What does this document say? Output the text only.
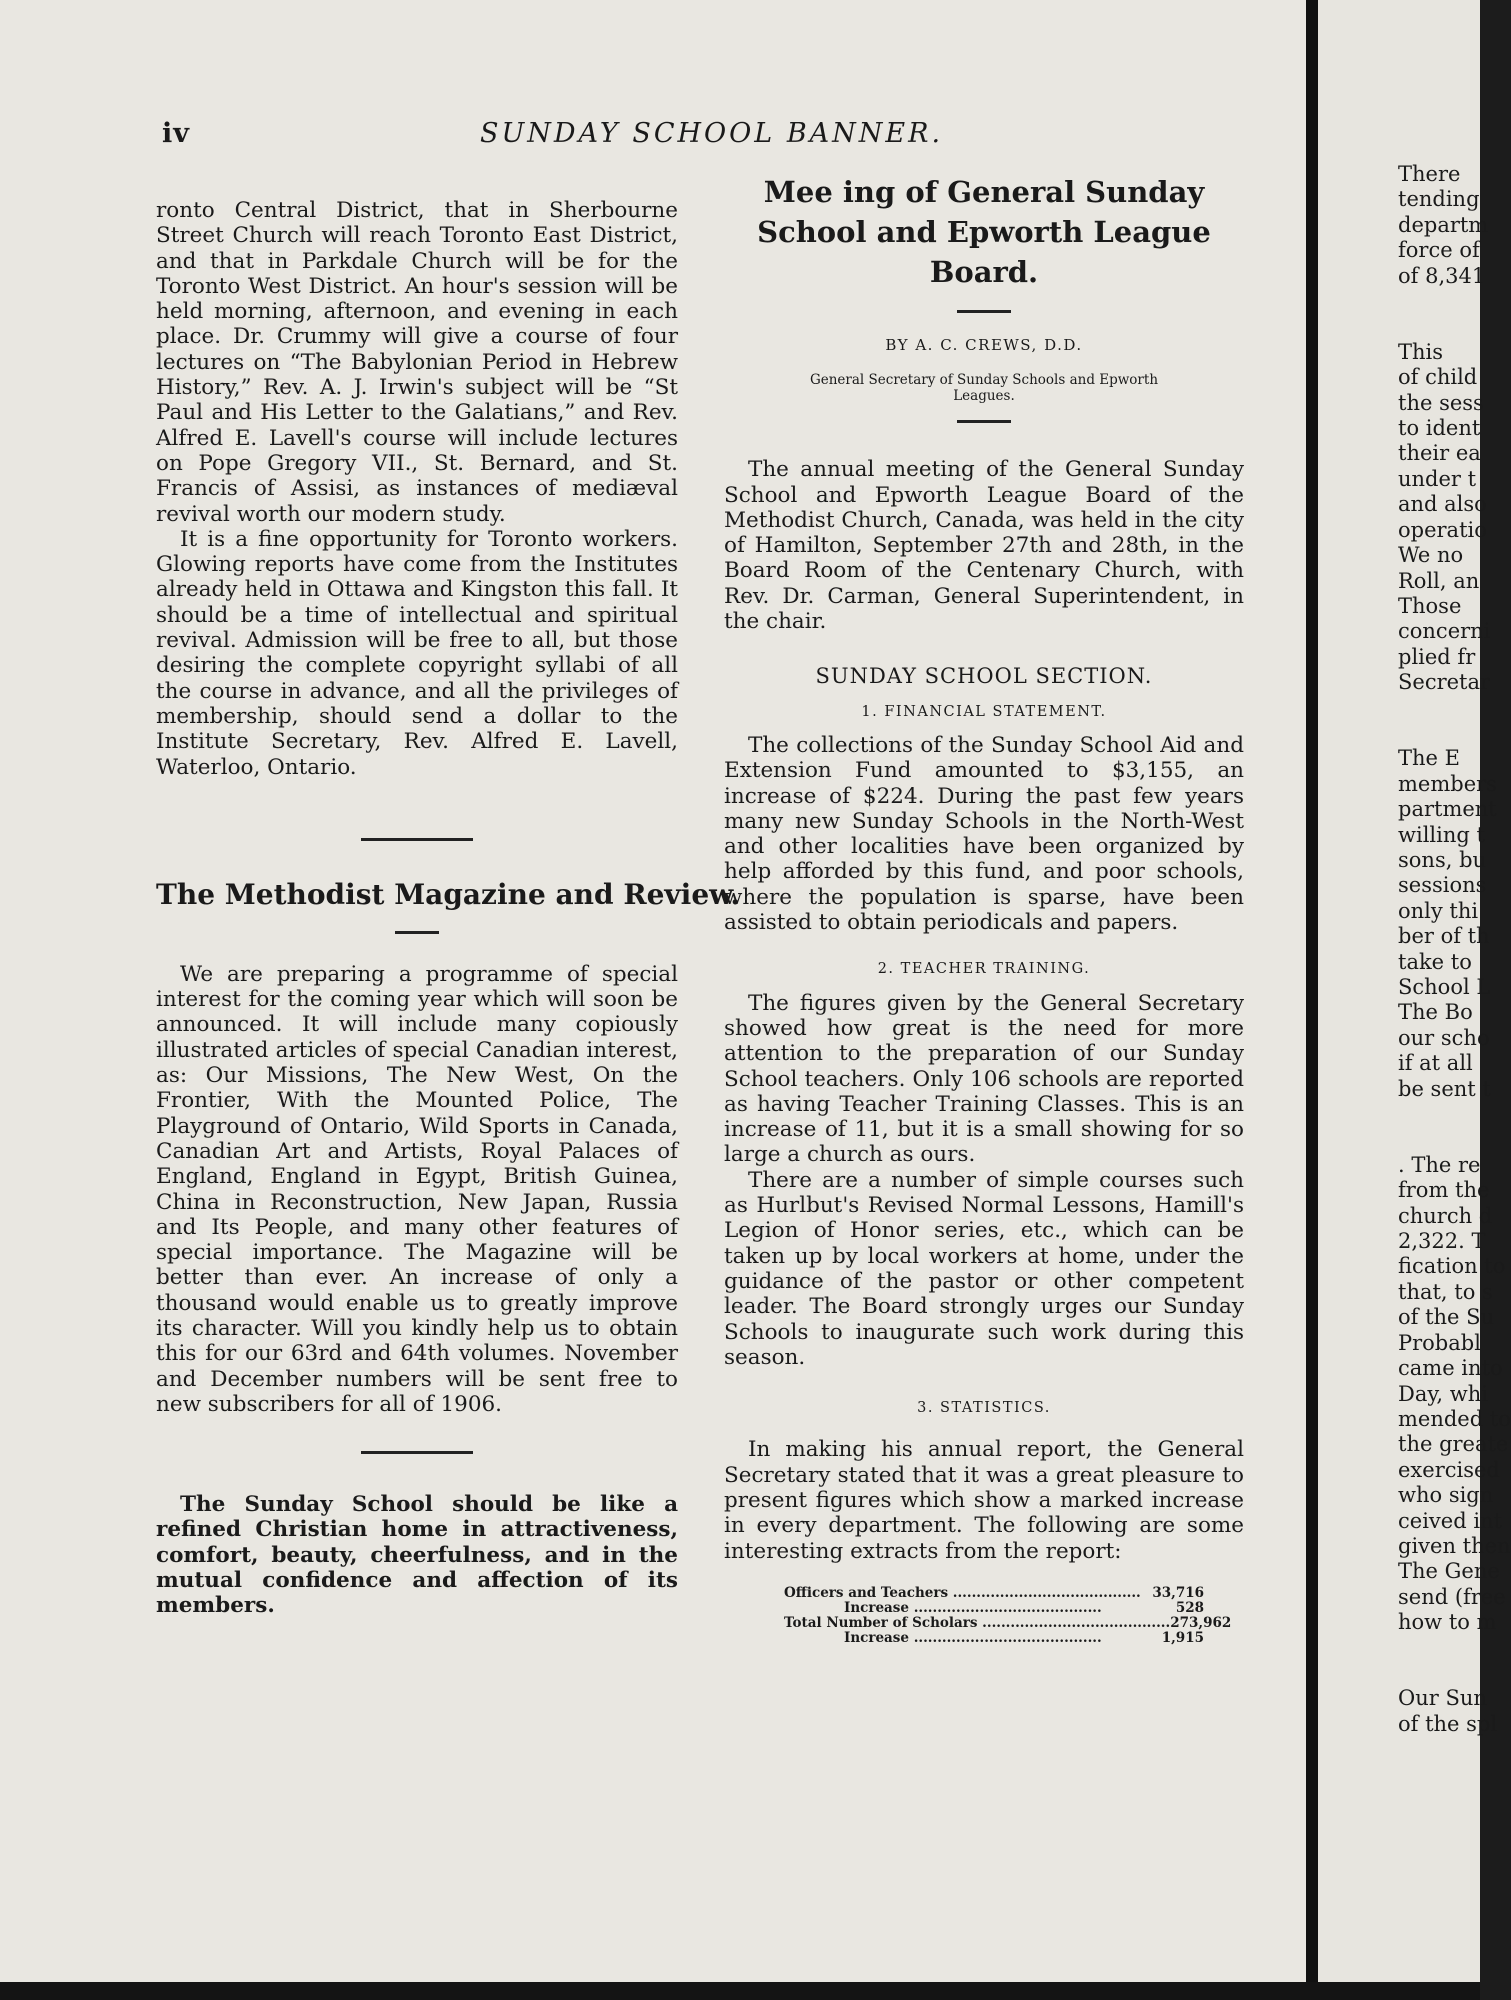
iv	SUNDAY SCHOOL BANNER.

ronto Central District, that in Sherbourne Street Church will reach Toronto East District, and that in Parkdale Church will be for the Toronto West District. An hour's session will be held morning, afternoon, and evening in each place. Dr. Crummy will give a course of four lectures on “The Babylonian Period in Hebrew History,” Rev. A. J. Irwin's subject will be “St Paul and His Letter to the Galatians,” and Rev. Alfred E. Lavell's course will include lectures on Pope Gregory VII., St. Bernard, and St. Francis of Assisi, as instances of mediæval revival worth our modern study.

It is a fine opportunity for Toronto workers. Glowing reports have come from the Institutes already held in Ottawa and Kingston this fall. It should be a time of intellectual and spiritual revival. Admission will be free to all, but those desiring the complete copyright syllabi of all the course in advance, and all the privileges of membership, should send a dollar to the Institute Secretary, Rev. Alfred E. Lavell, Waterloo, Ontario.

The Methodist Magazine and Review.

We are preparing a programme of special interest for the coming year which will soon be announced. It will include many copiously illustrated articles of special Canadian interest, as: Our Missions, The New West, On the Frontier, With the Mounted Police, The Playground of Ontario, Wild Sports in Canada, Canadian Art and Artists, Royal Palaces of England, England in Egypt, British Guinea, China in Reconstruction, New Japan, Russia and Its People, and many other features of special importance. The Magazine will be better than ever. An increase of only a thousand would enable us to greatly improve its character. Will you kindly help us to obtain this for our 63rd and 64th volumes. November and December numbers will be sent free to new subscribers for all of 1906.

The Sunday School should be like a refined Christian home in attractiveness, comfort, beauty, cheerfulness, and in the mutual confidence and affection of its members.

Mee ing of General Sunday School and Epworth League Board.
BY A. C. CREWS, D.D.
General Secretary of Sunday Schools and Epworth Leagues.

The annual meeting of the General Sunday School and Epworth League Board of the Methodist Church, Canada, was held in the city of Hamilton, September 27th and 28th, in the Board Room of the Centenary Church, with Rev. Dr. Carman, General Superintendent, in the chair.

SUNDAY SCHOOL SECTION.
1. FINANCIAL STATEMENT.

The collections of the Sunday School Aid and Extension Fund amounted to $3,155, an increase of $224. During the past few years many new Sunday Schools in the North-West and other localities have been organized by help afforded by this fund, and poor schools, where the population is sparse, have been assisted to obtain periodicals and papers.

2. TEACHER TRAINING.

The figures given by the General Secretary showed how great is the need for more attention to the preparation of our Sunday School teachers. Only 106 schools are reported as having Teacher Training Classes. This is an increase of 11, but it is a small showing for so large a church as ours.

There are a number of simple courses such as Hurlbut's Revised Normal Lessons, Hamill's Legion of Honor series, etc., which can be taken up by local workers at home, under the guidance of the pastor or other competent leader. The Board strongly urges our Sunday Schools to inaugurate such work during this season.

3. STATISTICS.

In making his annual report, the General Secretary stated that it was a great pleasure to present figures which show a marked increase in every department. The following are some interesting extracts from the report:

Officers and Teachers ........................................ 33,716
Increase ........................................	528
Total Number of Scholars ........................................ 273,962
Increase ........................................	1,915
There
tending
departm
force of
of 8,341

This
of child
the sess
to ident
their ea
under t
and also
operatio
We no
Roll, an
Those
concerni
plied fr
Secretar

The E
members
partment
willing t
sons, bu
sessions
only thi
ber of th
take to
School L
The Bo
our scho
if at all
be sent t

. The re
from the
church d
2,322. T
fication to
that, to s
of the Su
Probabl
came into
Day, whi
mended to
the greate
exercised
who sign
ceived int
given then
The Gene
send (free
how to m

Our Sun
of the spl
